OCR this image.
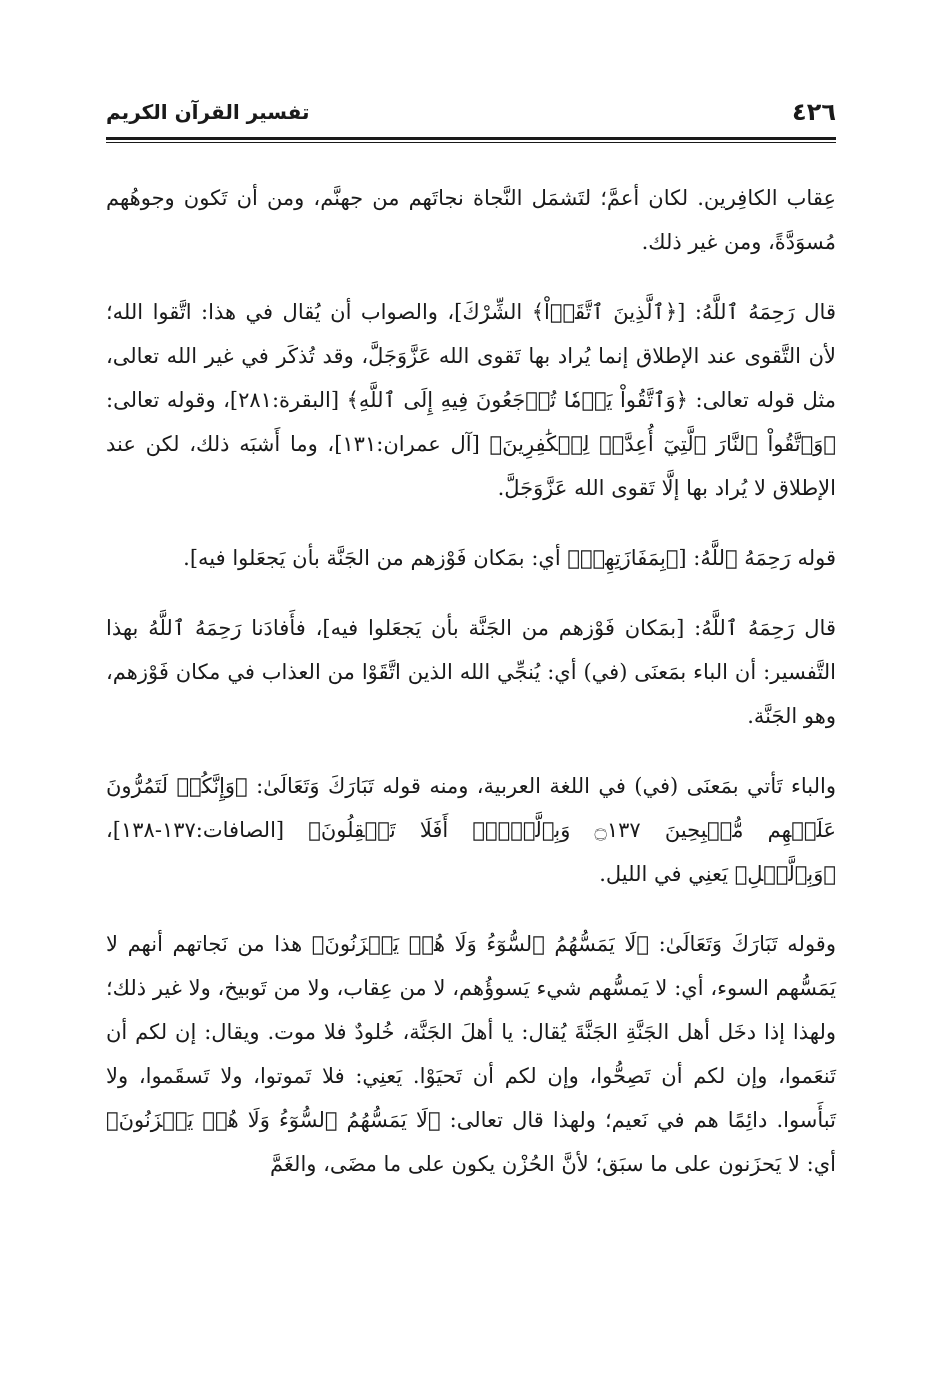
٤٢٦
تفسير القرآن الكريم

عِقاب الكافِرين. لكان أعمَّ؛ لتَشمَل النَّجاة نجاتَهم من جهنَّم، ومن أن تَكون وجوهُهم مُسوَدَّةً، ومن غير ذلك.

قال رَحِمَهُ ٱللَّهُ: [﴿ٱلَّذِينَ ٱتَّقَوۡاْ﴾ الشِّرْكَ]، والصواب أن يُقال في هذا: اتَّقوا الله؛ لأن التَّقوى عند الإطلاق إنما يُراد بها تَقوى الله عَزَّوَجَلَّ، وقد تُذكَر في غير الله تعالى، مثل قوله تعالى: ﴿وَٱتَّقُواْ يَوۡمٗا تُرۡجَعُونَ فِيهِ إِلَى ٱللَّهِ﴾ [البقرة:٢٨١]، وقوله تعالى: ﴿وَٱتَّقُواْ ٱلنَّارَ ٱلَّتِيٓ أُعِدَّتۡ لِلۡكَٰفِرِينَ﴾ [آل عمران:١٣١]، وما أَشبَه ذلك، لكن عند الإطلاق لا يُراد بها إلَّا تَقوى الله عَزَّوَجَلَّ.

قوله رَحِمَهُ ٱللَّهُ: [﴿بِمَفَازَتِهِمۡ﴾ أي: بمَكان فَوْزهم من الجَنَّة بأن يَجعَلوا فيه].

قال رَحِمَهُ ٱللَّهُ: [بمَكان فَوْزهم من الجَنَّة بأن يَجعَلوا فيه]، فأَفادَنا رَحِمَهُ ٱللَّهُ بهذا التَّفسير: أن الباء بمَعنَى (في) أي: يُنجِّي الله الذين اتَّقَوْا من العذاب في مكان فَوْزهم، وهو الجَنَّة.

والباء تَأتي بمَعنَى (في) في اللغة العربية، ومنه قوله تَبَارَكَ وَتَعَالَىٰ: ﴿وَإِنَّكُمۡ لَتَمُرُّونَ عَلَيۡهِم مُّصۡبِحِينَ ۝١٣٧ وَبِٱلَّيۡلِۚ أَفَلَا تَعۡقِلُونَ﴾ [الصافات:١٣٧-١٣٨]، ﴿وَبِٱلَّيۡلِ﴾ يَعنِي في الليل.

وقوله تَبَارَكَ وَتَعَالَىٰ: ﴿لَا يَمَسُّهُمُ ٱلسُّوٓءُ وَلَا هُمۡ يَحۡزَنُونَ﴾ هذا من نَجاتهم أنهم لا يَمَسُّهم السوء، أي: لا يَمسُّهم شيء يَسوؤُهم، لا من عِقاب، ولا من تَوبيخ، ولا غير ذلك؛ ولهذا إذا دخَل أهل الجَنَّةِ الجَنَّةَ يُقال: يا أهلَ الجَنَّة، خُلودٌ فلا موت. ويقال: إن لكم أن تَنعَموا، وإن لكم أن تَصِحُّوا، وإن لكم أن تَحيَوْا. يَعنِي: فلا تَموتوا، ولا تَسقَموا، ولا تَبأَسوا. دائِمًا هم في نَعيم؛ ولهذا قال تعالى: ﴿لَا يَمَسُّهُمُ ٱلسُّوٓءُ وَلَا هُمۡ يَحۡزَنُونَ﴾ أي: لا يَحزَنون على ما سبَق؛ لأنَّ الحُزْن يكون على ما مضَى، والغَمَّ
